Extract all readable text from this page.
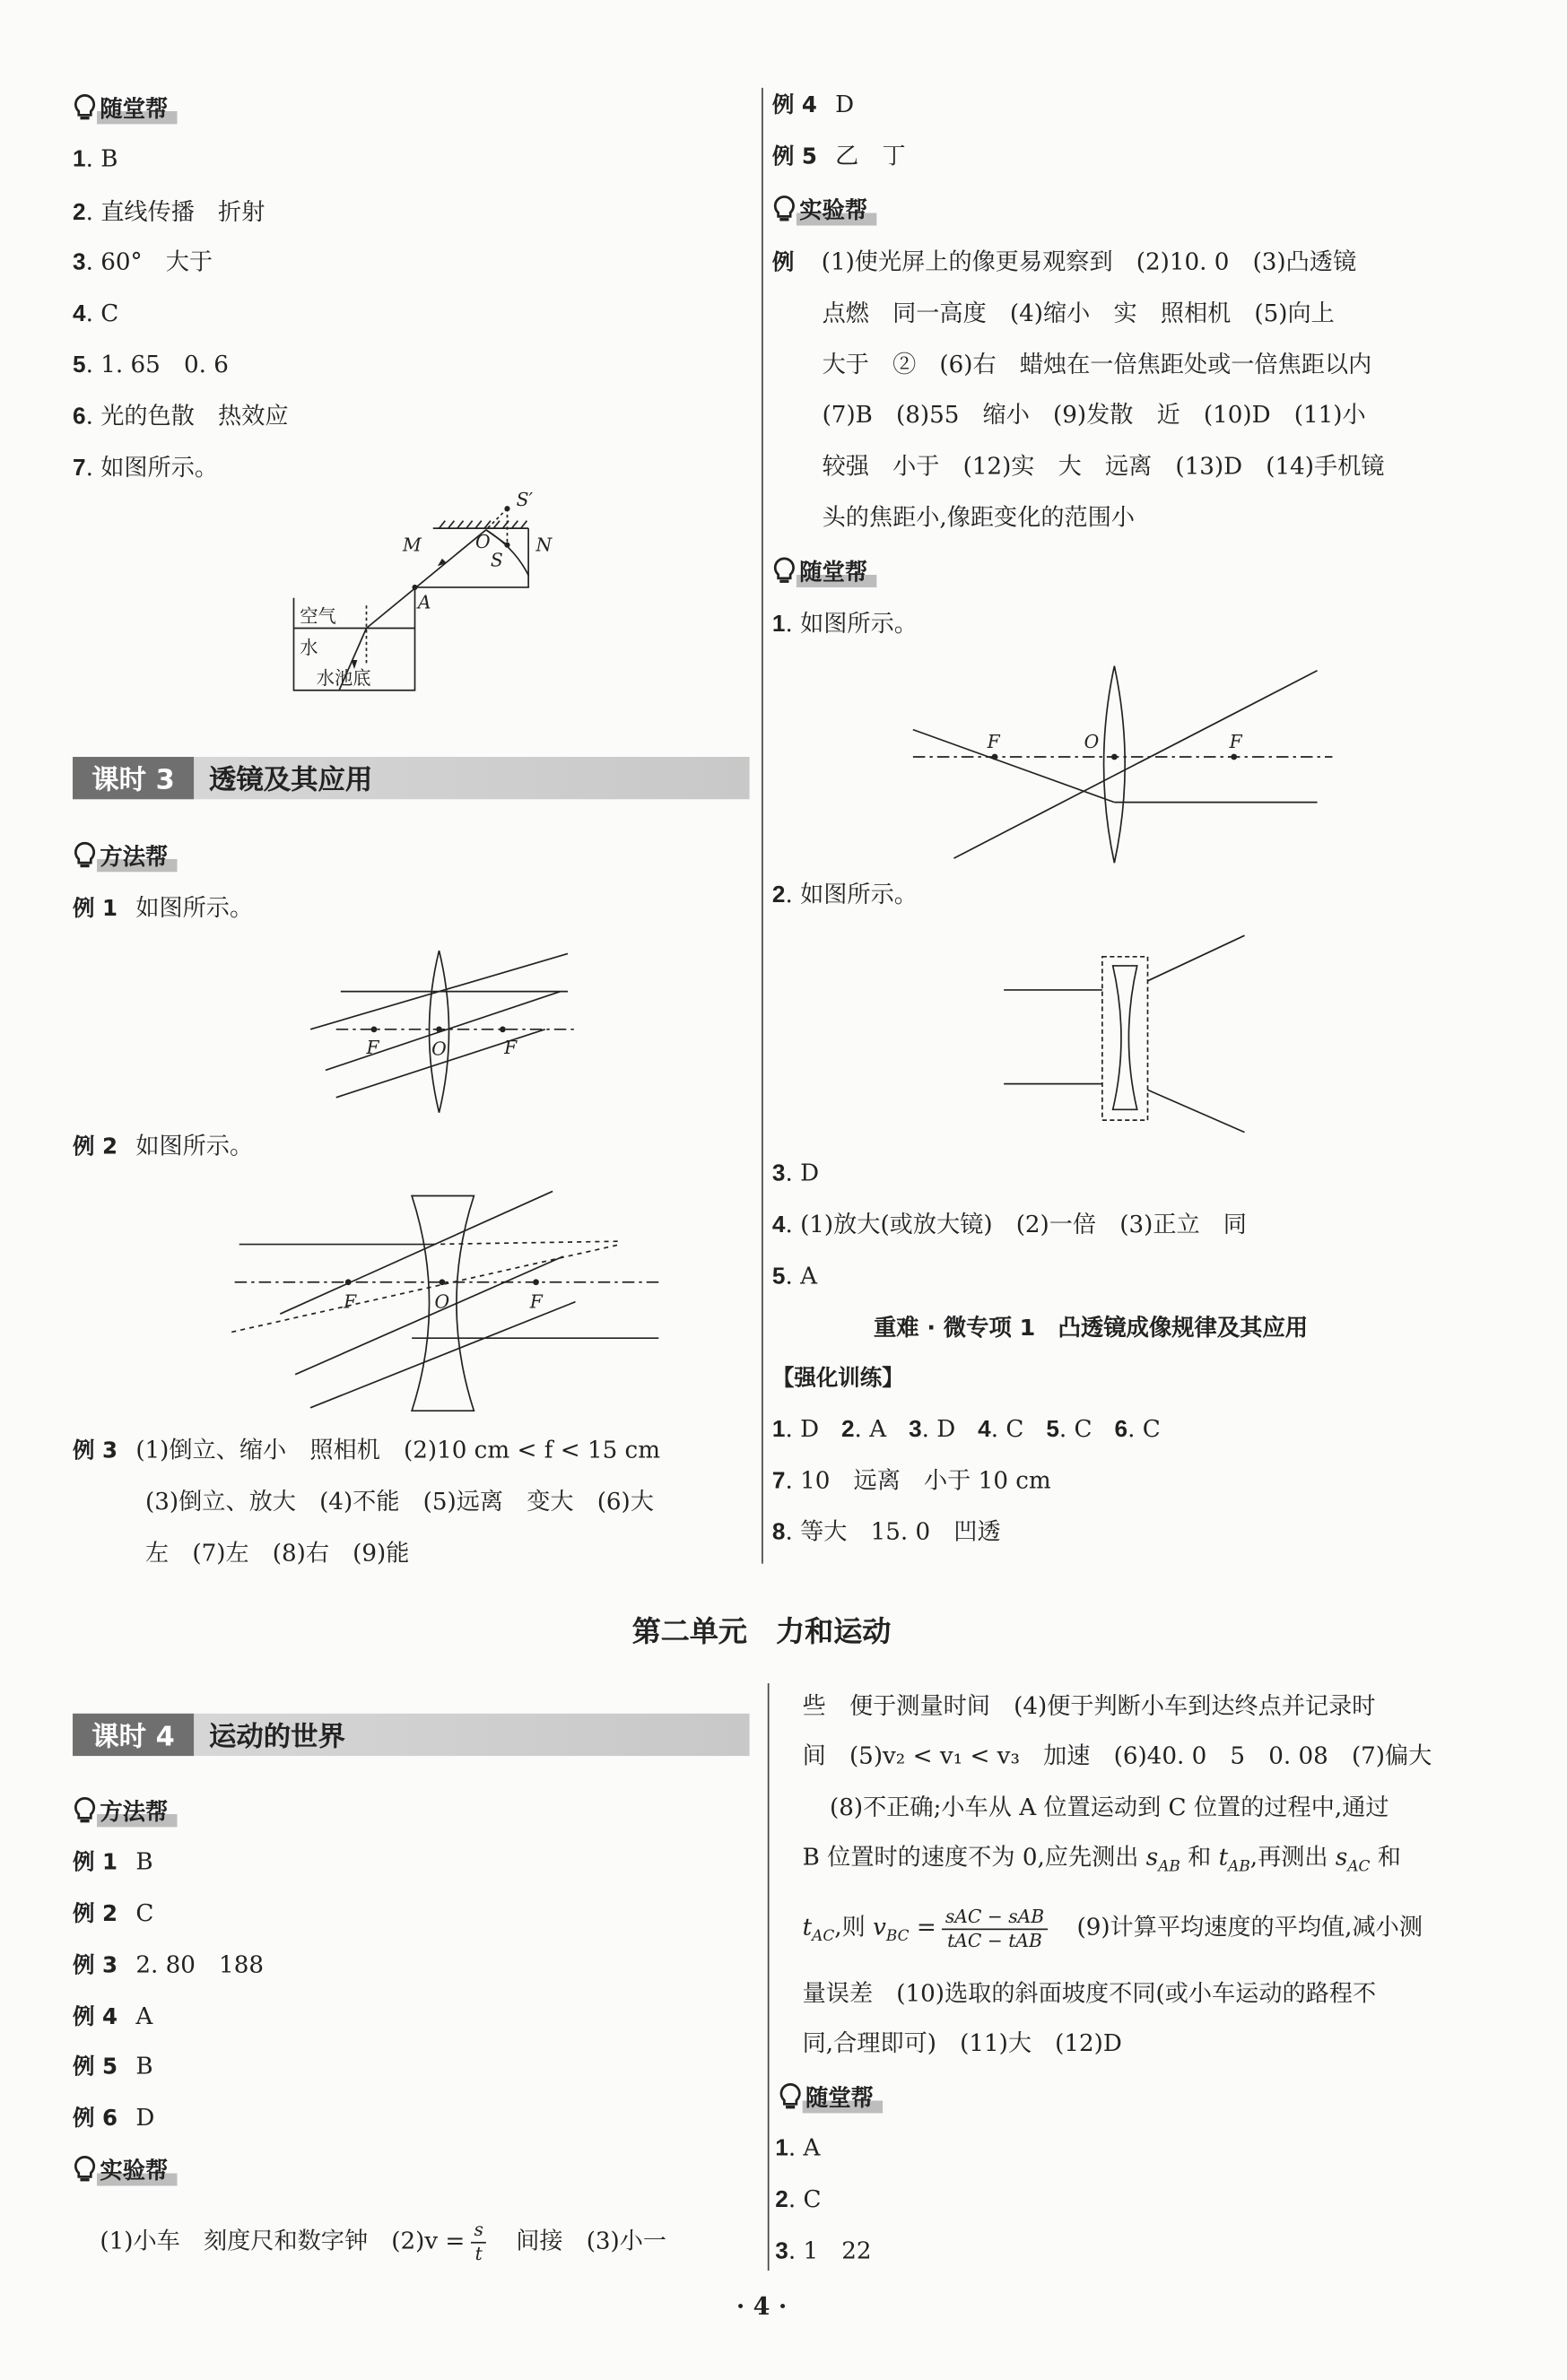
随堂帮
1. B
2. 直线传播　折射
3. 60°　大于
4. C
5. 1. 65　0. 6
6. 光的色散　热效应
7. 如图所示。
M	N
O
S
S′
A
空气
水
水池底
课时 3	透镜及其应用
方法帮
例 1 如图所示。
F	O	F
例 2 如图所示。
F	O	F
例 3 (1)倒立、缩小　照相机　(2)10 cm < f < 15 cm
(3)倒立、放大　(4)不能　(5)远离　变大　(6)大
左　(7)左　(8)右　(9)能
例 4 D
例 5 乙　丁
实验帮
例 (1)使光屏上的像更易观察到　(2)10. 0　(3)凸透镜
点燃　同一高度　(4)缩小　实　照相机　(5)向上
大于　②　(6)右　蜡烛在一倍焦距处或一倍焦距以内
(7)B　(8)55　缩小　(9)发散　近　(10)D　(11)小
较强　小于　(12)实　大　远离　(13)D　(14)手机镜
头的焦距小,像距变化的范围小
随堂帮
1. 如图所示。
F	O	F
2. 如图所示。
3. D
4. (1)放大(或放大镜)　(2)一倍　(3)正立　同
5. A
重难 · 微专项 1　凸透镜成像规律及其应用
【强化训练】
1. D 2. A 3. D 4. C 5. C 6. C
7. 10　远离　小于 10 cm
8. 等大　15. 0　凹透
第二单元　力和运动
课时 4	运动的世界
方法帮
例 1 B
例 2 C
例 3 2. 80　188
例 4 A
例 5 B
例 6 D
实验帮
(1)小车　刻度尺和数字钟　$(2)v = \frac{s}{t}$ 　间接　(3)小一
些　便于测量时间　(4)便于判断小车到达终点并记录时
间　(5)v₂ < v₁ < v₃　加速　(6)40. 0　5　0. 08　(7)偏大
(8)不正确;小车从 A 位置运动到 C 位置的过程中,通过
B 位置时的速度不为 0,应先测出 $s_{AB}$ 和 $t_{AB}$,再测出 $s_{AC}$ 和
$t_{AC}$,则 $v_{BC} = \frac{\text{sAC − sAB}}{\text{tAC − tAB}}$ 　(9)计算平均速度的平均值,减小测
量误差　(10)选取的斜面坡度不同(或小车运动的路程不
同,合理即可)　(11)大　(12)D
随堂帮
1. A
2. C
3. 1　22
· 4 ·
